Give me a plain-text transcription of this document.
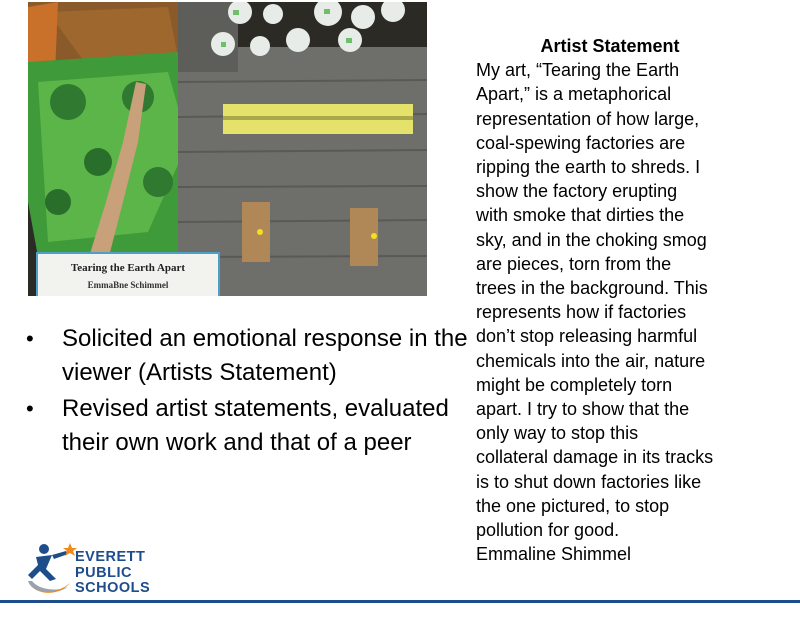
Tearing the Earth Apart
EmmaBne Schimmel
• Solicited an emotional response in the viewer (Artists Statement)
• Revised artist statements, evaluated their own work and that of a peer
Artist Statement
My art, “Tearing the Earth
Apart,” is a metaphorical
representation of how large,
coal-spewing factories are
ripping the earth to shreds. I
show the factory erupting
with smoke that dirties the
sky, and in the choking smog
are pieces, torn from the
trees in the background. This
represents how if factories
don’t stop releasing harmful
chemicals into the air, nature
might be completely torn
apart. I try to show that the
only way to stop this
collateral damage in its tracks
is to shut down factories like
the one pictured, to stop
pollution for good.
Emmaline Shimmel
EVERETT
PUBLIC
SCHOOLS
